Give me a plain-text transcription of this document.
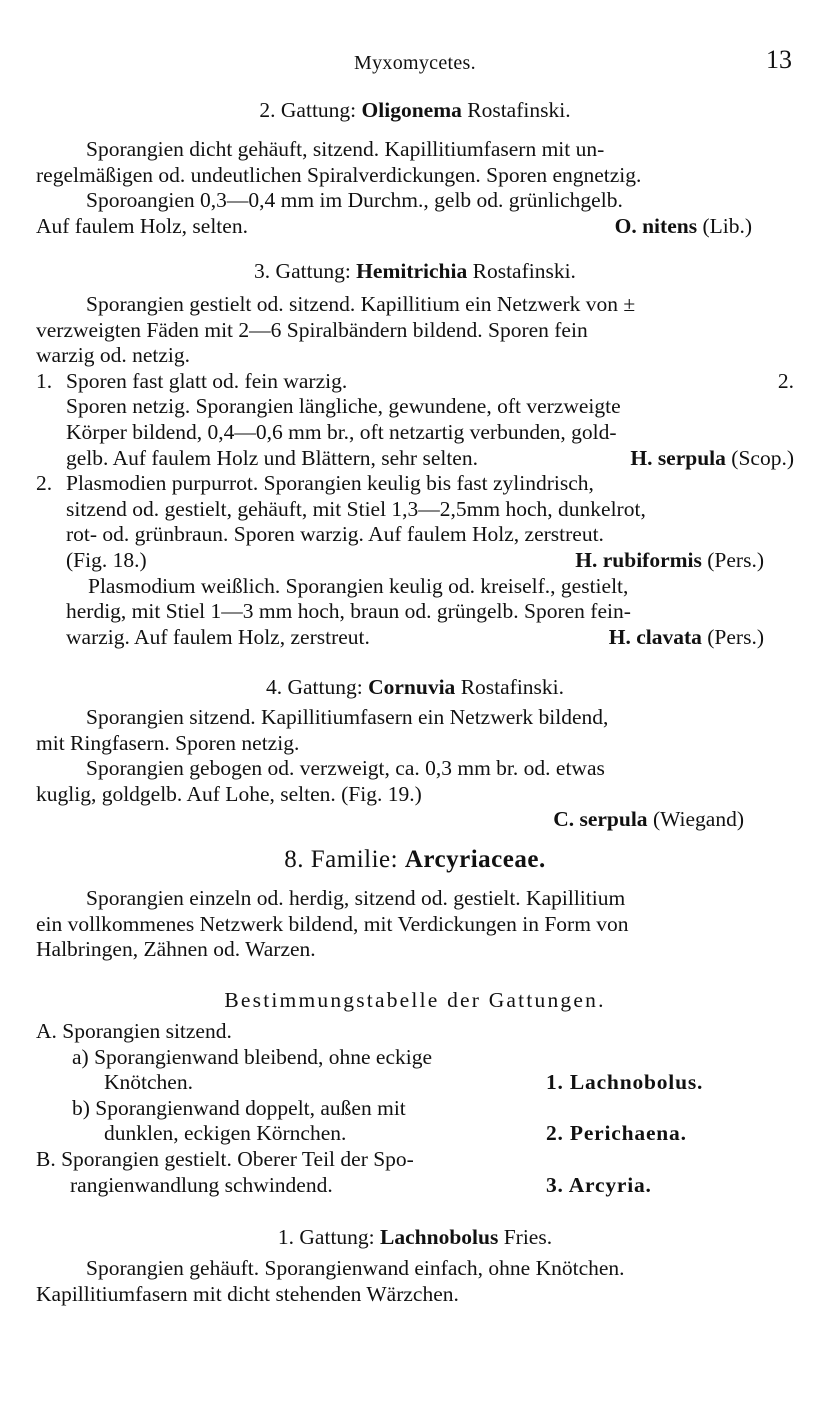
Myxomycetes.	13
2. Gattung: Oligonema Rostafinski.
Sporangien dicht gehäuft, sitzend. Kapillitiumfasern mit un-
regelmäßigen od. undeutlichen Spiralverdickungen. Sporen engnetzig.
Sporoangien 0,3—0,4 mm im Durchm., gelb od. grünlichgelb.
Auf faulem Holz, selten.	O. nitens (Lib.)
3. Gattung: Hemitrichia Rostafinski.
Sporangien gestielt od. sitzend. Kapillitium ein Netzwerk von ±
verzweigten Fäden mit 2—6 Spiralbändern bildend. Sporen fein
warzig od. netzig.
1. Sporen fast glatt od. fein warzig.	2.
Sporen netzig. Sporangien längliche, gewundene, oft verzweigte
Körper bildend, 0,4—0,6 mm br., oft netzartig verbunden, gold-
gelb. Auf faulem Holz und Blättern, sehr selten.	H. serpula (Scop.)
2. Plasmodien purpurrot. Sporangien keulig bis fast zylindrisch,
sitzend od. gestielt, gehäuft, mit Stiel 1,3—2,5mm hoch, dunkelrot,
rot- od. grünbraun. Sporen warzig. Auf faulem Holz, zerstreut.
(Fig. 18.)	H. rubiformis (Pers.)
Plasmodium weißlich. Sporangien keulig od. kreiself., gestielt,
herdig, mit Stiel 1—3 mm hoch, braun od. grüngelb. Sporen fein-
warzig. Auf faulem Holz, zerstreut.	H. clavata (Pers.)
4. Gattung: Cornuvia Rostafinski.
Sporangien sitzend. Kapillitiumfasern ein Netzwerk bildend,
mit Ringfasern. Sporen netzig.
Sporangien gebogen od. verzweigt, ca. 0,3 mm br. od. etwas
kuglig, goldgelb. Auf Lohe, selten. (Fig. 19.)
C. serpula (Wiegand)
8. Familie: Arcyriaceae.
Sporangien einzeln od. herdig, sitzend od. gestielt. Kapillitium
ein vollkommenes Netzwerk bildend, mit Verdickungen in Form von
Halbringen, Zähnen od. Warzen.
Bestimmungstabelle der Gattungen.
A. Sporangien sitzend.
a) Sporangienwand bleibend, ohne eckige
Knötchen.	1. Lachnobolus.
b) Sporangienwand doppelt, außen mit
dunklen, eckigen Körnchen.	2. Perichaena.
B. Sporangien gestielt. Oberer Teil der Spo-
rangienwandlung schwindend.	3. Arcyria.
1. Gattung: Lachnobolus Fries.
Sporangien gehäuft. Sporangienwand einfach, ohne Knötchen.
Kapillitiumfasern mit dicht stehenden Wärzchen.
